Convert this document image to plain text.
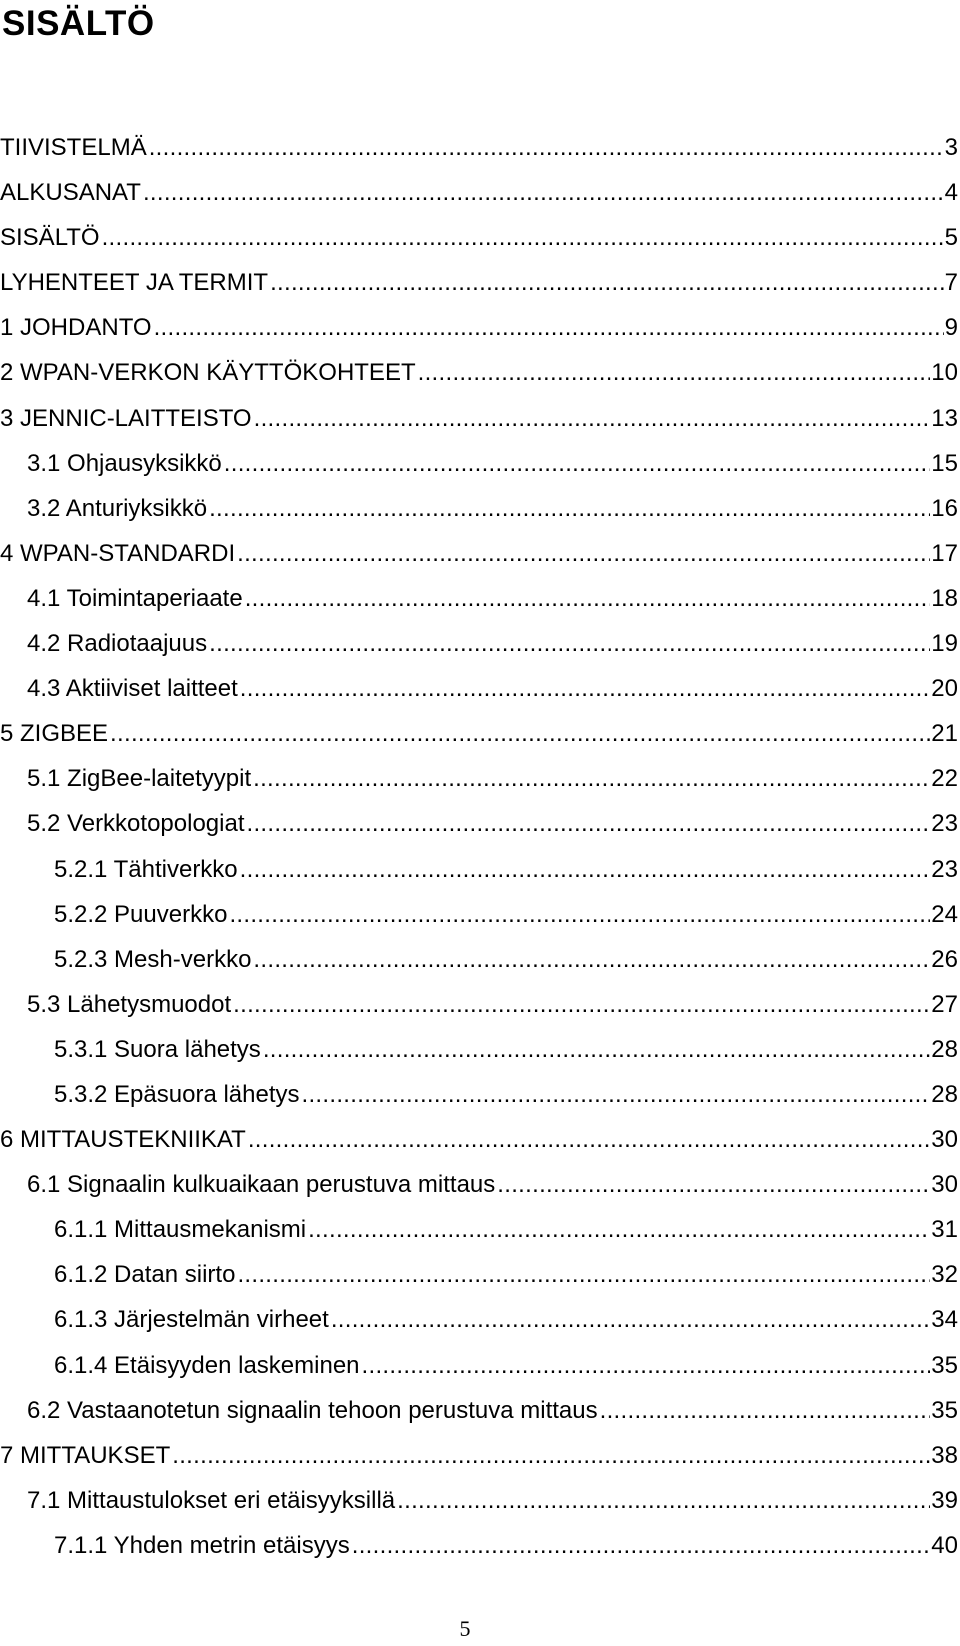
SISÄLTÖ
TIIVISTELMÄ .....	3
ALKUSANAT .....	4
SISÄLTÖ .....	5
LYHENTEET JA TERMIT .....	7
1 JOHDANTO .....	9
2 WPAN-VERKON KÄYTTÖKOHTEET .....	10
3 JENNIC-LAITTEISTO .....	13
3.1 Ohjausyksikkö .....	15
3.2 Anturiyksikkö .....	16
4 WPAN-STANDARDI .....	17
4.1 Toimintaperiaate .....	18
4.2 Radiotaajuus .....	19
4.3 Aktiiviset laitteet .....	20
5 ZIGBEE .....	21
5.1 ZigBee-laitetyypit .....	22
5.2 Verkkotopologiat .....	23
5.2.1 Tähtiverkko .....	23
5.2.2 Puuverkko .....	24
5.2.3 Mesh-verkko .....	26
5.3 Lähetysmuodot .....	27
5.3.1 Suora lähetys .....	28
5.3.2 Epäsuora lähetys .....	28
6 MITTAUSTEKNIIKAT .....	30
6.1 Signaalin kulkuaikaan perustuva mittaus .....	30
6.1.1 Mittausmekanismi .....	31
6.1.2 Datan siirto .....	32
6.1.3 Järjestelmän virheet .....	34
6.1.4 Etäisyyden laskeminen .....	35
6.2 Vastaanotetun signaalin tehoon perustuva mittaus .....	35
7 MITTAUKSET .....	38
7.1 Mittaustulokset eri etäisyyksillä .....	39
7.1.1 Yhden metrin etäisyys .....	40
5
